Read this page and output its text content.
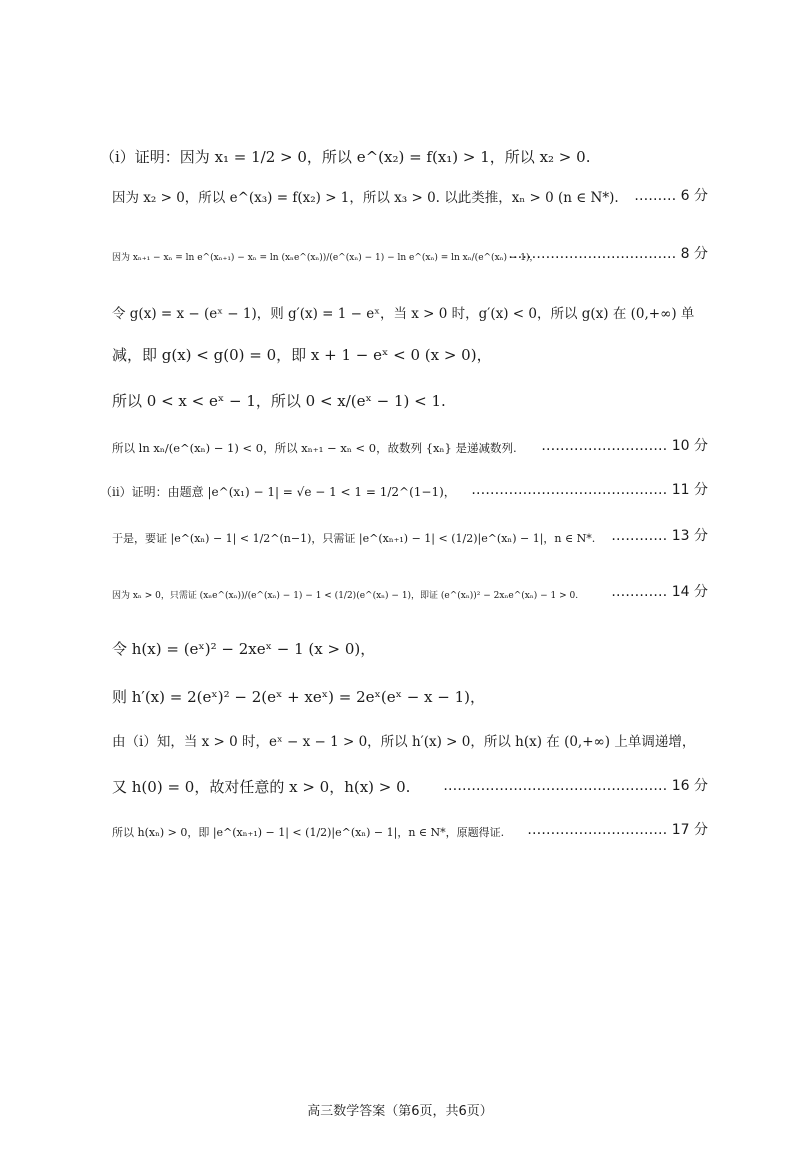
（ⅰ）证明：因为 x₁ = 1/2 > 0，所以 e^(x₂) = f(x₁) > 1，所以 x₂ > 0.
因为 x₂ > 0，所以 e^(x₃) = f(x₂) > 1，所以 x₃ > 0. 以此类推，xₙ > 0 (n ∈ N*). ……… 6 分
因为 xₙ₊₁ − xₙ = ln e^(xₙ₊₁) − xₙ = ln (xₙe^(xₙ))/(e^(xₙ) − 1) − ln e^(xₙ) = ln xₙ/(e^(xₙ) − 1)，
……………………………… 8 分
令 g(x) = x − (eˣ − 1)，则 g′(x) = 1 − eˣ，当 x > 0 时，g′(x) < 0，所以 g(x) 在 (0,+∞) 单
减，即 g(x) < g(0) = 0，即 x + 1 − eˣ < 0 (x > 0)，
所以 0 < x < eˣ − 1，所以 0 < x/(eˣ − 1) < 1.
所以 ln xₙ/(e^(xₙ) − 1) < 0，所以 xₙ₊₁ − xₙ < 0，故数列 {xₙ} 是递减数列. ……………………… 10 分
（ⅱ）证明：由题意 |e^(x₁) − 1| = √e − 1 < 1 = 1/2^(1−1)， …………………………………… 11 分
于是，要证 |e^(xₙ) − 1| < 1/2^(n−1)，只需证 |e^(xₙ₊₁) − 1| < (1/2)|e^(xₙ) − 1|，n ∈ N*. ………… 13 分
因为 xₙ > 0，只需证 (xₙe^(xₙ))/(e^(xₙ) − 1) − 1 < (1/2)(e^(xₙ) − 1)，即证 (e^(xₙ))² − 2xₙe^(xₙ) − 1 > 0. ………… 14 分
令 h(x) = (eˣ)² − 2xeˣ − 1 (x > 0)，
则 h′(x) = 2(eˣ)² − 2(eˣ + xeˣ) = 2eˣ(eˣ − x − 1)，
由（ⅰ）知，当 x > 0 时，eˣ − x − 1 > 0，所以 h′(x) > 0，所以 h(x) 在 (0,+∞) 上单调递增，
又 h(0) = 0，故对任意的 x > 0，h(x) > 0. ………………………………………… 16 分
所以 h(xₙ) > 0，即 |e^(xₙ₊₁) − 1| < (1/2)|e^(xₙ) − 1|，n ∈ N*，原题得证. ………………………… 17 分
高三数学答案（第6页，共6页）
